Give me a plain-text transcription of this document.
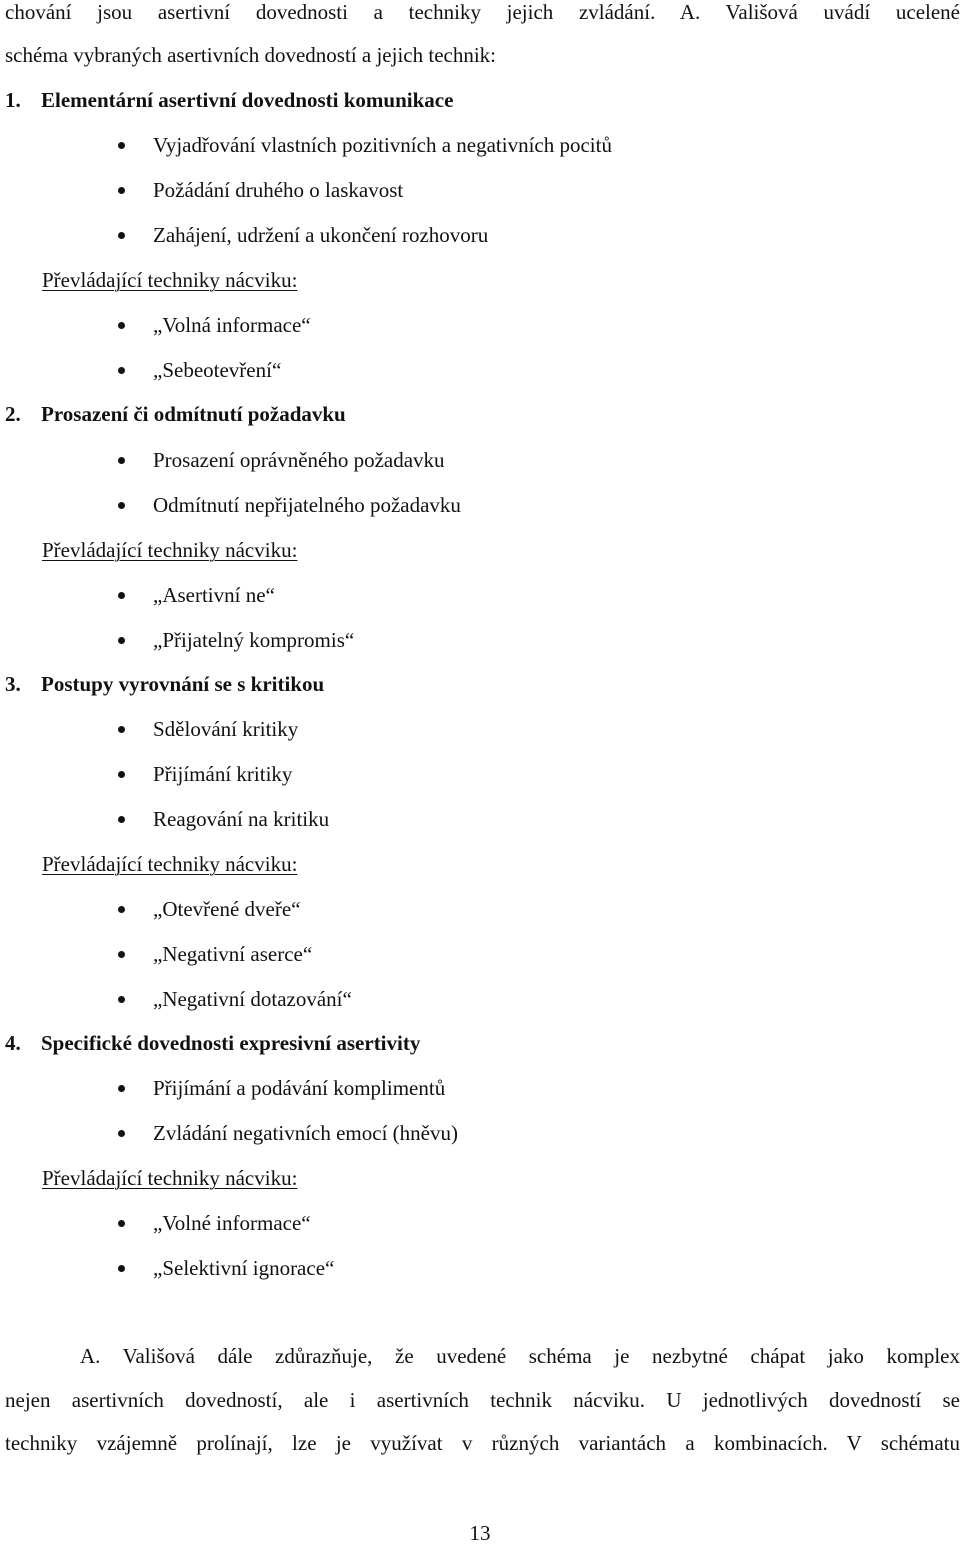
chování jsou asertivní dovednosti a techniky jejich zvládání. A. Vališová uvádí ucelené
schéma vybraných asertivních dovedností a jejich technik:
1. Elementární asertivní dovednosti komunikace
Vyjadřování vlastních pozitivních a negativních pocitů
Požádání druhého o laskavost
Zahájení, udržení a ukončení rozhovoru
Převládající techniky nácviku:
„Volná informace“
„Sebeotevření“
2. Prosazení či odmítnutí požadavku
Prosazení oprávněného požadavku
Odmítnutí nepřijatelného požadavku
Převládající techniky nácviku:
„Asertivní ne“
„Přijatelný kompromis“
3. Postupy vyrovnání se s kritikou
Sdělování kritiky
Přijímání kritiky
Reagování na kritiku
Převládající techniky nácviku:
„Otevřené dveře“
„Negativní aserce“
„Negativní dotazování“
4. Specifické dovednosti expresivní asertivity
Přijímání a podávání komplimentů
Zvládání negativních emocí (hněvu)
Převládající techniky nácviku:
„Volné informace“
„Selektivní ignorace“
A. Vališová dále zdůrazňuje, že uvedené schéma je nezbytné chápat jako komplex
nejen asertivních dovedností, ale i asertivních technik nácviku. U jednotlivých dovedností se
techniky vzájemně prolínají, lze je využívat v různých variantách a kombinacích. V schématu
13
